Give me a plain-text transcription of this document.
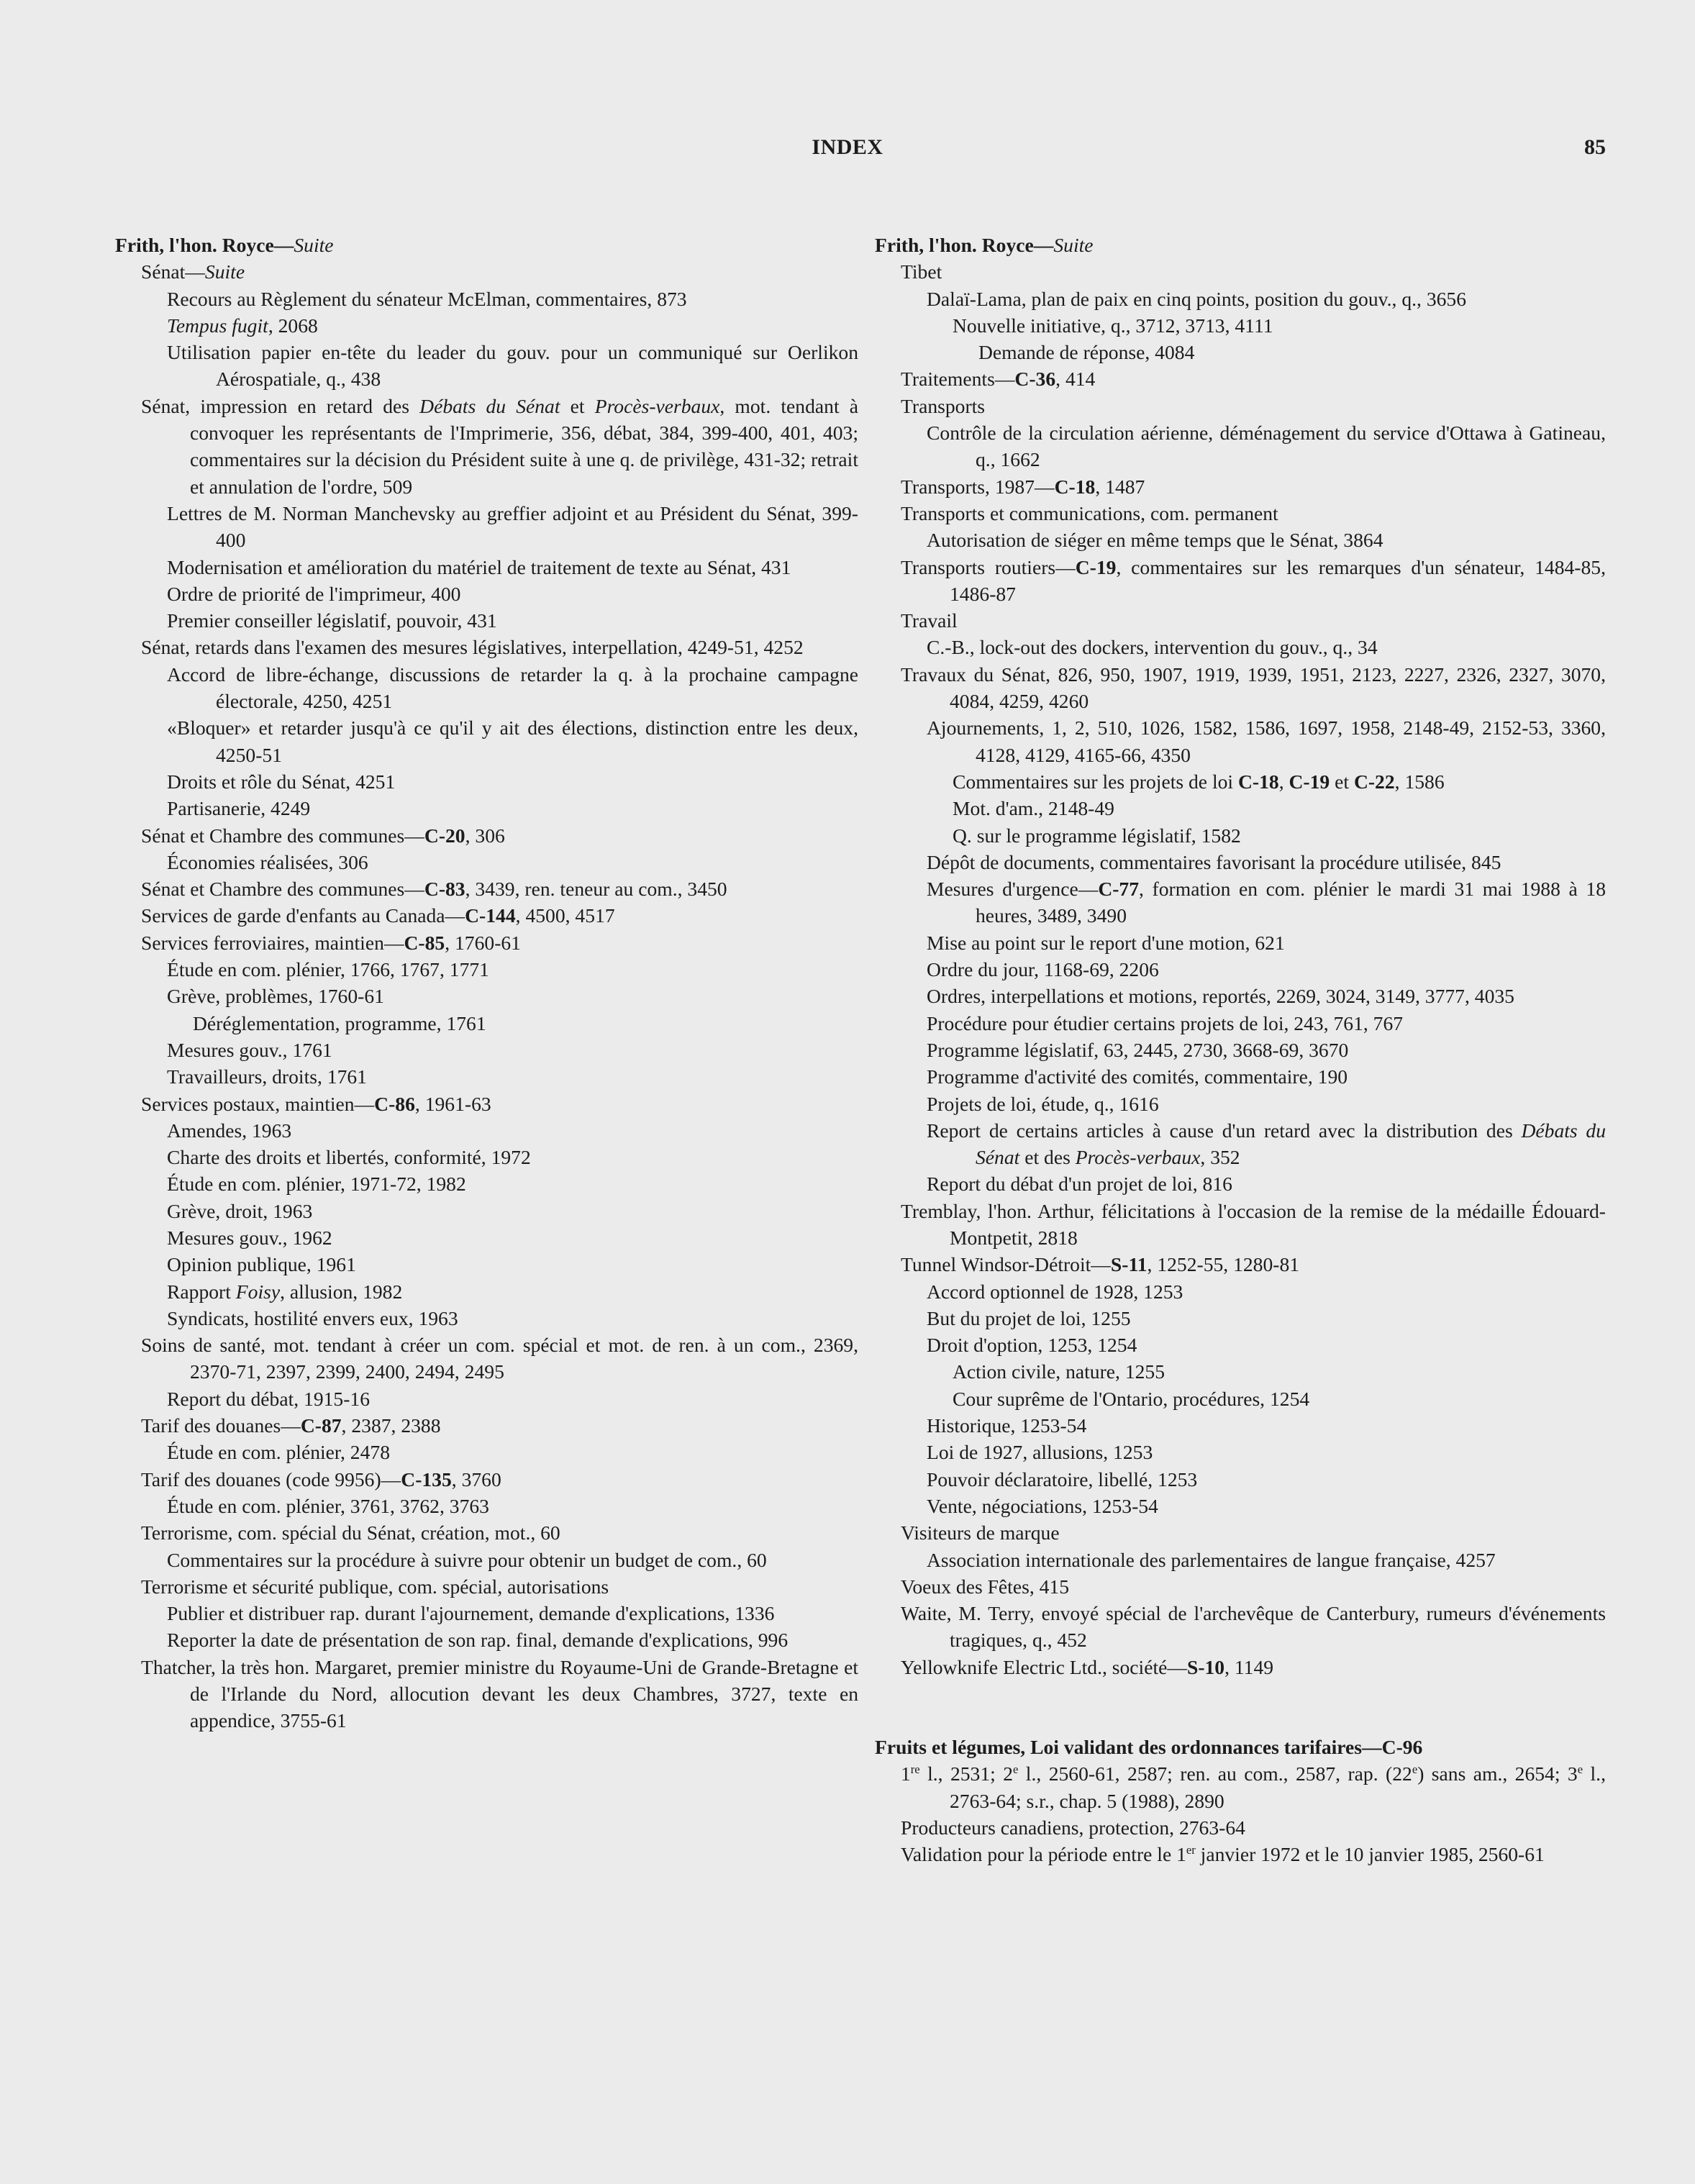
INDEX	85
Frith, l'hon. Royce—Suite
Sénat—Suite
Recours au Règlement du sénateur McElman, commentaires, 873
Tempus fugit, 2068
Utilisation papier en-tête du leader du gouv. pour un communiqué sur Oerlikon Aérospatiale, q., 438
Sénat, impression en retard des Débats du Sénat et Procès-verbaux, mot. tendant à convoquer les représentants de l'Imprimerie, 356, débat, 384, 399-400, 401, 403; commentaires sur la décision du Président suite à une q. de privilège, 431-32; retrait et annulation de l'ordre, 509
Lettres de M. Norman Manchevsky au greffier adjoint et au Président du Sénat, 399-400
Modernisation et amélioration du matériel de traitement de texte au Sénat, 431
Ordre de priorité de l'imprimeur, 400
Premier conseiller législatif, pouvoir, 431
Sénat, retards dans l'examen des mesures législatives, interpellation, 4249-51, 4252
Accord de libre-échange, discussions de retarder la q. à la prochaine campagne électorale, 4250, 4251
«Bloquer» et retarder jusqu'à ce qu'il y ait des élections, distinction entre les deux, 4250-51
Droits et rôle du Sénat, 4251
Partisanerie, 4249
Sénat et Chambre des communes—C-20, 306
Économies réalisées, 306
Sénat et Chambre des communes—C-83, 3439, ren. teneur au com., 3450
Services de garde d'enfants au Canada—C-144, 4500, 4517
Services ferroviaires, maintien—C-85, 1760-61
Étude en com. plénier, 1766, 1767, 1771
Grève, problèmes, 1760-61
Déréglementation, programme, 1761
Mesures gouv., 1761
Travailleurs, droits, 1761
Services postaux, maintien—C-86, 1961-63
Amendes, 1963
Charte des droits et libertés, conformité, 1972
Étude en com. plénier, 1971-72, 1982
Grève, droit, 1963
Mesures gouv., 1962
Opinion publique, 1961
Rapport Foisy, allusion, 1982
Syndicats, hostilité envers eux, 1963
Soins de santé, mot. tendant à créer un com. spécial et mot. de ren. à un com., 2369, 2370-71, 2397, 2399, 2400, 2494, 2495
Report du débat, 1915-16
Tarif des douanes—C-87, 2387, 2388
Étude en com. plénier, 2478
Tarif des douanes (code 9956)—C-135, 3760
Étude en com. plénier, 3761, 3762, 3763
Terrorisme, com. spécial du Sénat, création, mot., 60
Commentaires sur la procédure à suivre pour obtenir un budget de com., 60
Terrorisme et sécurité publique, com. spécial, autorisations
Publier et distribuer rap. durant l'ajournement, demande d'explications, 1336
Reporter la date de présentation de son rap. final, demande d'explications, 996
Thatcher, la très hon. Margaret, premier ministre du Royaume-Uni de Grande-Bretagne et de l'Irlande du Nord, allocution devant les deux Chambres, 3727, texte en appendice, 3755-61
Frith, l'hon. Royce—Suite
Tibet
Dalaï-Lama, plan de paix en cinq points, position du gouv., q., 3656
Nouvelle initiative, q., 3712, 3713, 4111
Demande de réponse, 4084
Traitements—C-36, 414
Transports
Contrôle de la circulation aérienne, déménagement du service d'Ottawa à Gatineau, q., 1662
Transports, 1987—C-18, 1487
Transports et communications, com. permanent
Autorisation de siéger en même temps que le Sénat, 3864
Transports routiers—C-19, commentaires sur les remarques d'un sénateur, 1484-85, 1486-87
Travail
C.-B., lock-out des dockers, intervention du gouv., q., 34
Travaux du Sénat, 826, 950, 1907, 1919, 1939, 1951, 2123, 2227, 2326, 2327, 3070, 4084, 4259, 4260
Ajournements, 1, 2, 510, 1026, 1582, 1586, 1697, 1958, 2148-49, 2152-53, 3360, 4128, 4129, 4165-66, 4350
Commentaires sur les projets de loi C-18, C-19 et C-22, 1586
Mot. d'am., 2148-49
Q. sur le programme législatif, 1582
Dépôt de documents, commentaires favorisant la procédure utilisée, 845
Mesures d'urgence—C-77, formation en com. plénier le mardi 31 mai 1988 à 18 heures, 3489, 3490
Mise au point sur le report d'une motion, 621
Ordre du jour, 1168-69, 2206
Ordres, interpellations et motions, reportés, 2269, 3024, 3149, 3777, 4035
Procédure pour étudier certains projets de loi, 243, 761, 767
Programme législatif, 63, 2445, 2730, 3668-69, 3670
Programme d'activité des comités, commentaire, 190
Projets de loi, étude, q., 1616
Report de certains articles à cause d'un retard avec la distribution des Débats du Sénat et des Procès-verbaux, 352
Report du débat d'un projet de loi, 816
Tremblay, l'hon. Arthur, félicitations à l'occasion de la remise de la médaille Édouard-Montpetit, 2818
Tunnel Windsor-Détroit—S-11, 1252-55, 1280-81
Accord optionnel de 1928, 1253
But du projet de loi, 1255
Droit d'option, 1253, 1254
Action civile, nature, 1255
Cour suprême de l'Ontario, procédures, 1254
Historique, 1253-54
Loi de 1927, allusions, 1253
Pouvoir déclaratoire, libellé, 1253
Vente, négociations, 1253-54
Visiteurs de marque
Association internationale des parlementaires de langue française, 4257
Voeux des Fêtes, 415
Waite, M. Terry, envoyé spécial de l'archevêque de Canterbury, rumeurs d'événements tragiques, q., 452
Yellowknife Electric Ltd., société—S-10, 1149
Fruits et légumes, Loi validant des ordonnances tarifaires—C-96
1re l., 2531; 2e l., 2560-61, 2587; ren. au com., 2587, rap. (22e) sans am., 2654; 3e l., 2763-64; s.r., chap. 5 (1988), 2890
Producteurs canadiens, protection, 2763-64
Validation pour la période entre le 1er janvier 1972 et le 10 janvier 1985, 2560-61
